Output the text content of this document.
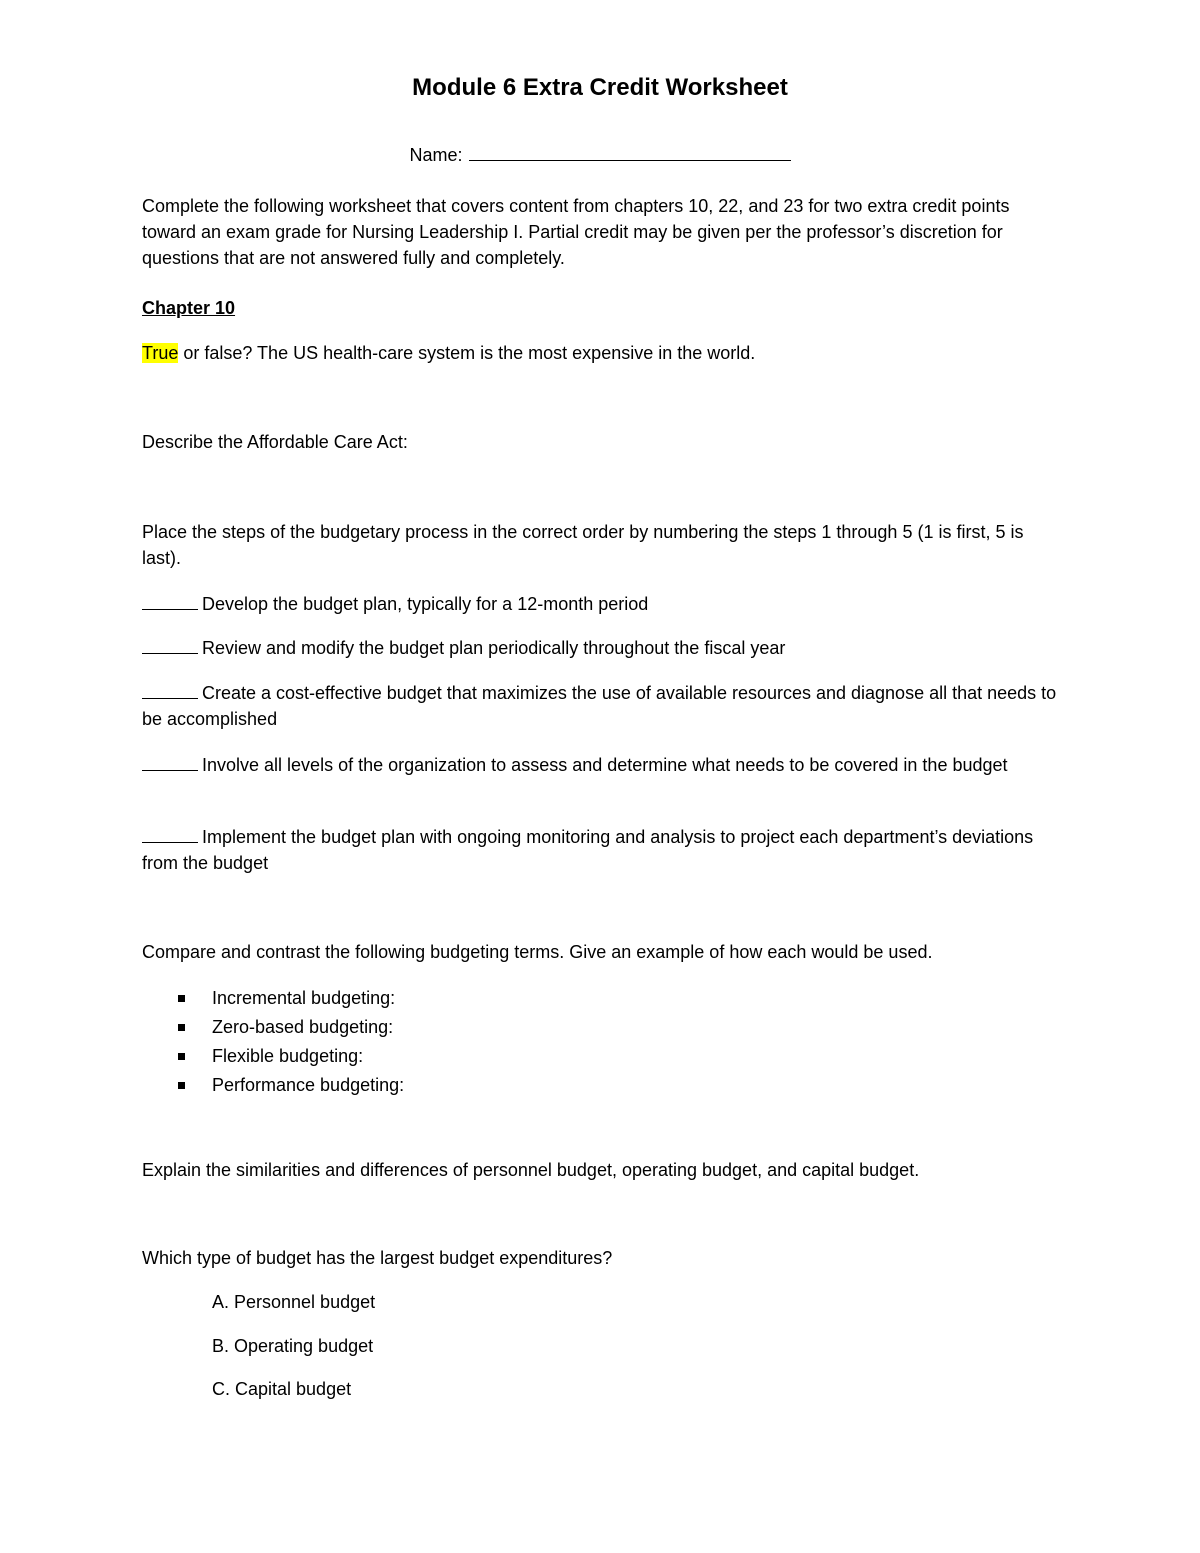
Module 6 Extra Credit Worksheet
Name:
Complete the following worksheet that covers content from chapters 10, 22, and 23 for two extra credit points toward an exam grade for Nursing Leadership I. Partial credit may be given per the professor’s discretion for questions that are not answered fully and completely.
Chapter 10
True or false? The US health-care system is the most expensive in the world.
Describe the Affordable Care Act:
Place the steps of the budgetary process in the correct order by numbering the steps 1 through 5 (1 is first, 5 is last).
Develop the budget plan, typically for a 12-month period
Review and modify the budget plan periodically throughout the fiscal year
Create a cost-effective budget that maximizes the use of available resources and diagnose all that needs to be accomplished
Involve all levels of the organization to assess and determine what needs to be covered in the budget
Implement the budget plan with ongoing monitoring and analysis to project each department’s deviations from the budget
Compare and contrast the following budgeting terms. Give an example of how each would be used.
Incremental budgeting:
Zero-based budgeting:
Flexible budgeting:
Performance budgeting:
Explain the similarities and differences of personnel budget, operating budget, and capital budget.
Which type of budget has the largest budget expenditures?
A. Personnel budget
B. Operating budget
C. Capital budget
